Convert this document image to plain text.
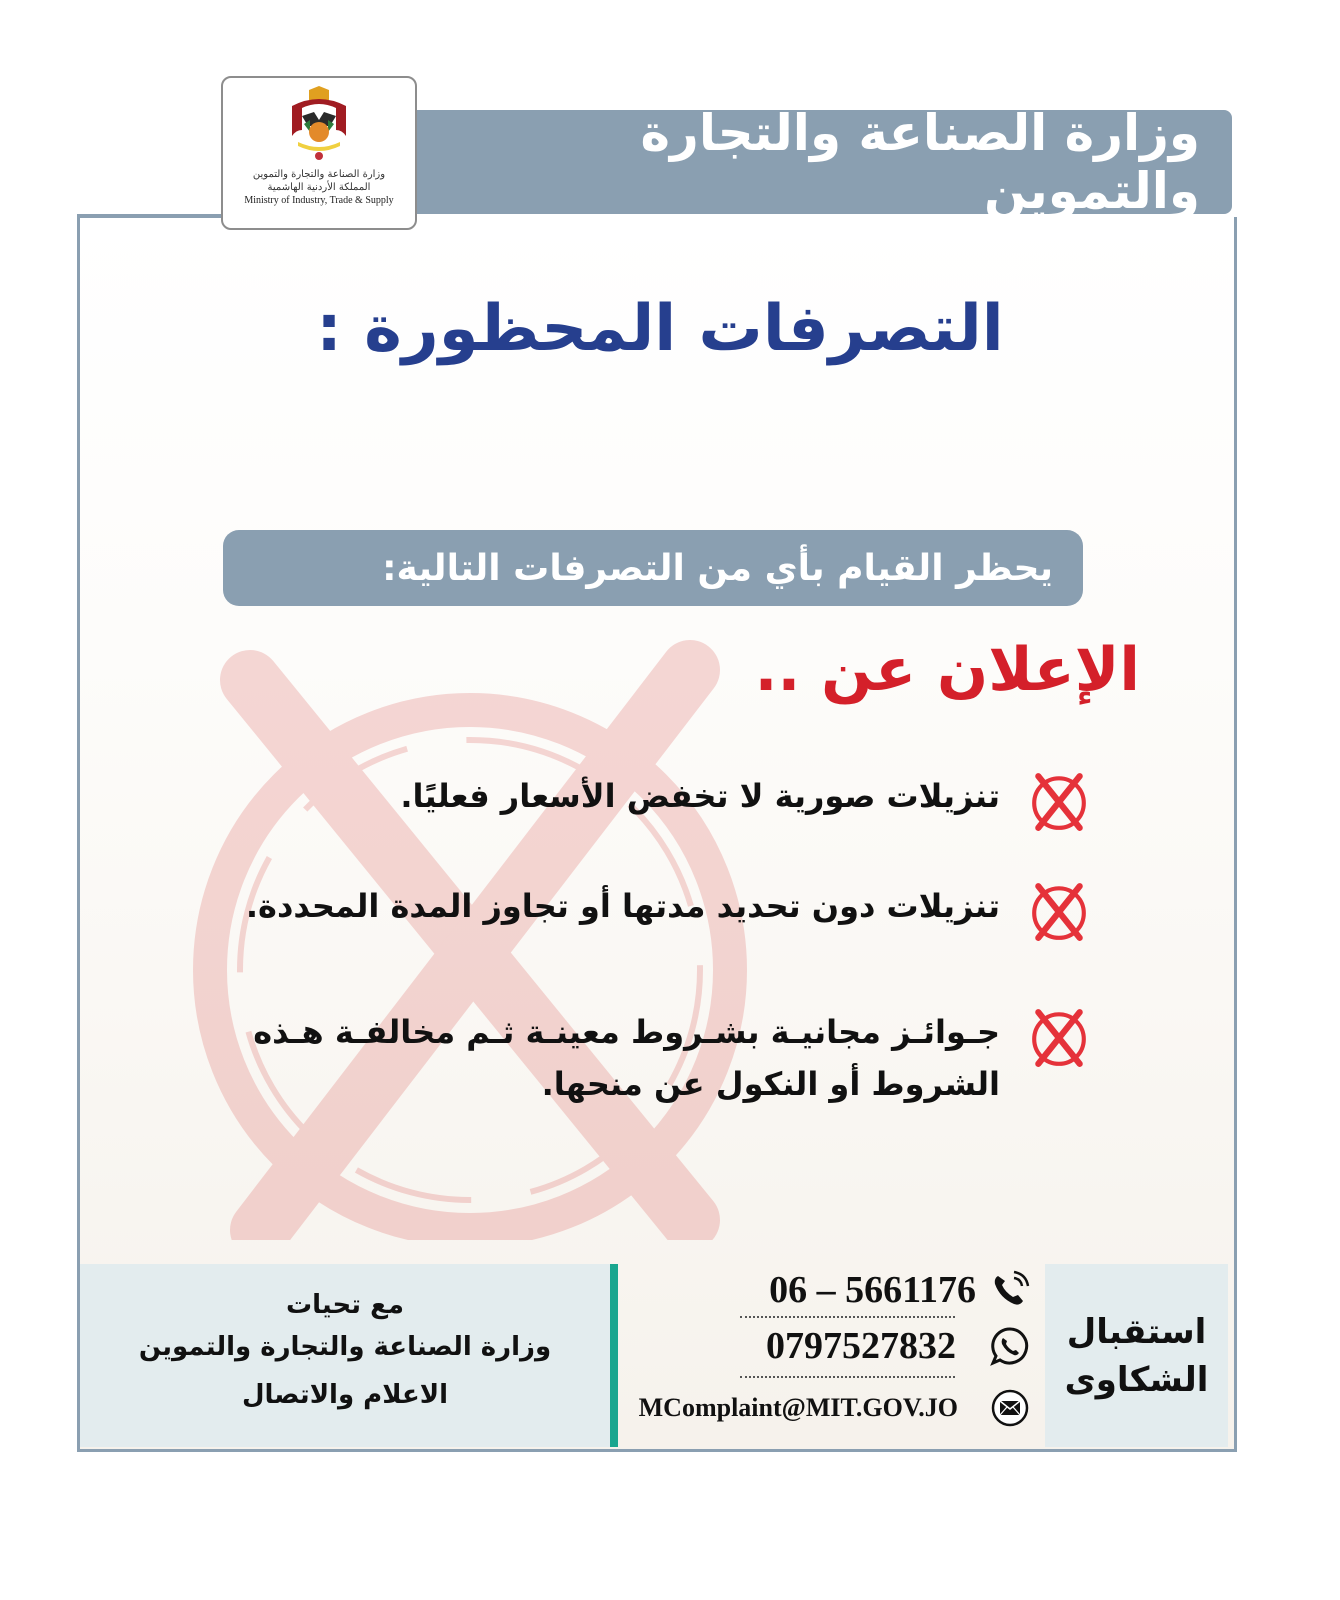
وزارة الصناعة والتجارة والتموين
وزارة الصناعة والتجارة والتموين
المملكة الأردنية الهاشمية
Ministry of Industry, Trade & Supply
التصرفات المحظورة :
يحظر القيام بأي من التصرفات التالية:
الإعلان عن ..
تنزيلات صورية لا تخفض الأسعار فعليًا.
تنزيلات دون تحديد مدتها أو تجاوز المدة المحددة.
جـوائـز مجانيـة بشـروط معينـة ثـم مخالفـة هـذه الشروط أو النكول عن منحها.
مع تحيات
وزارة الصناعة والتجارة والتموين
الاعلام والاتصال
06 – 5661176
0797527832
MComplaint@MIT.GOV.JO
استقبال
الشكاوى
